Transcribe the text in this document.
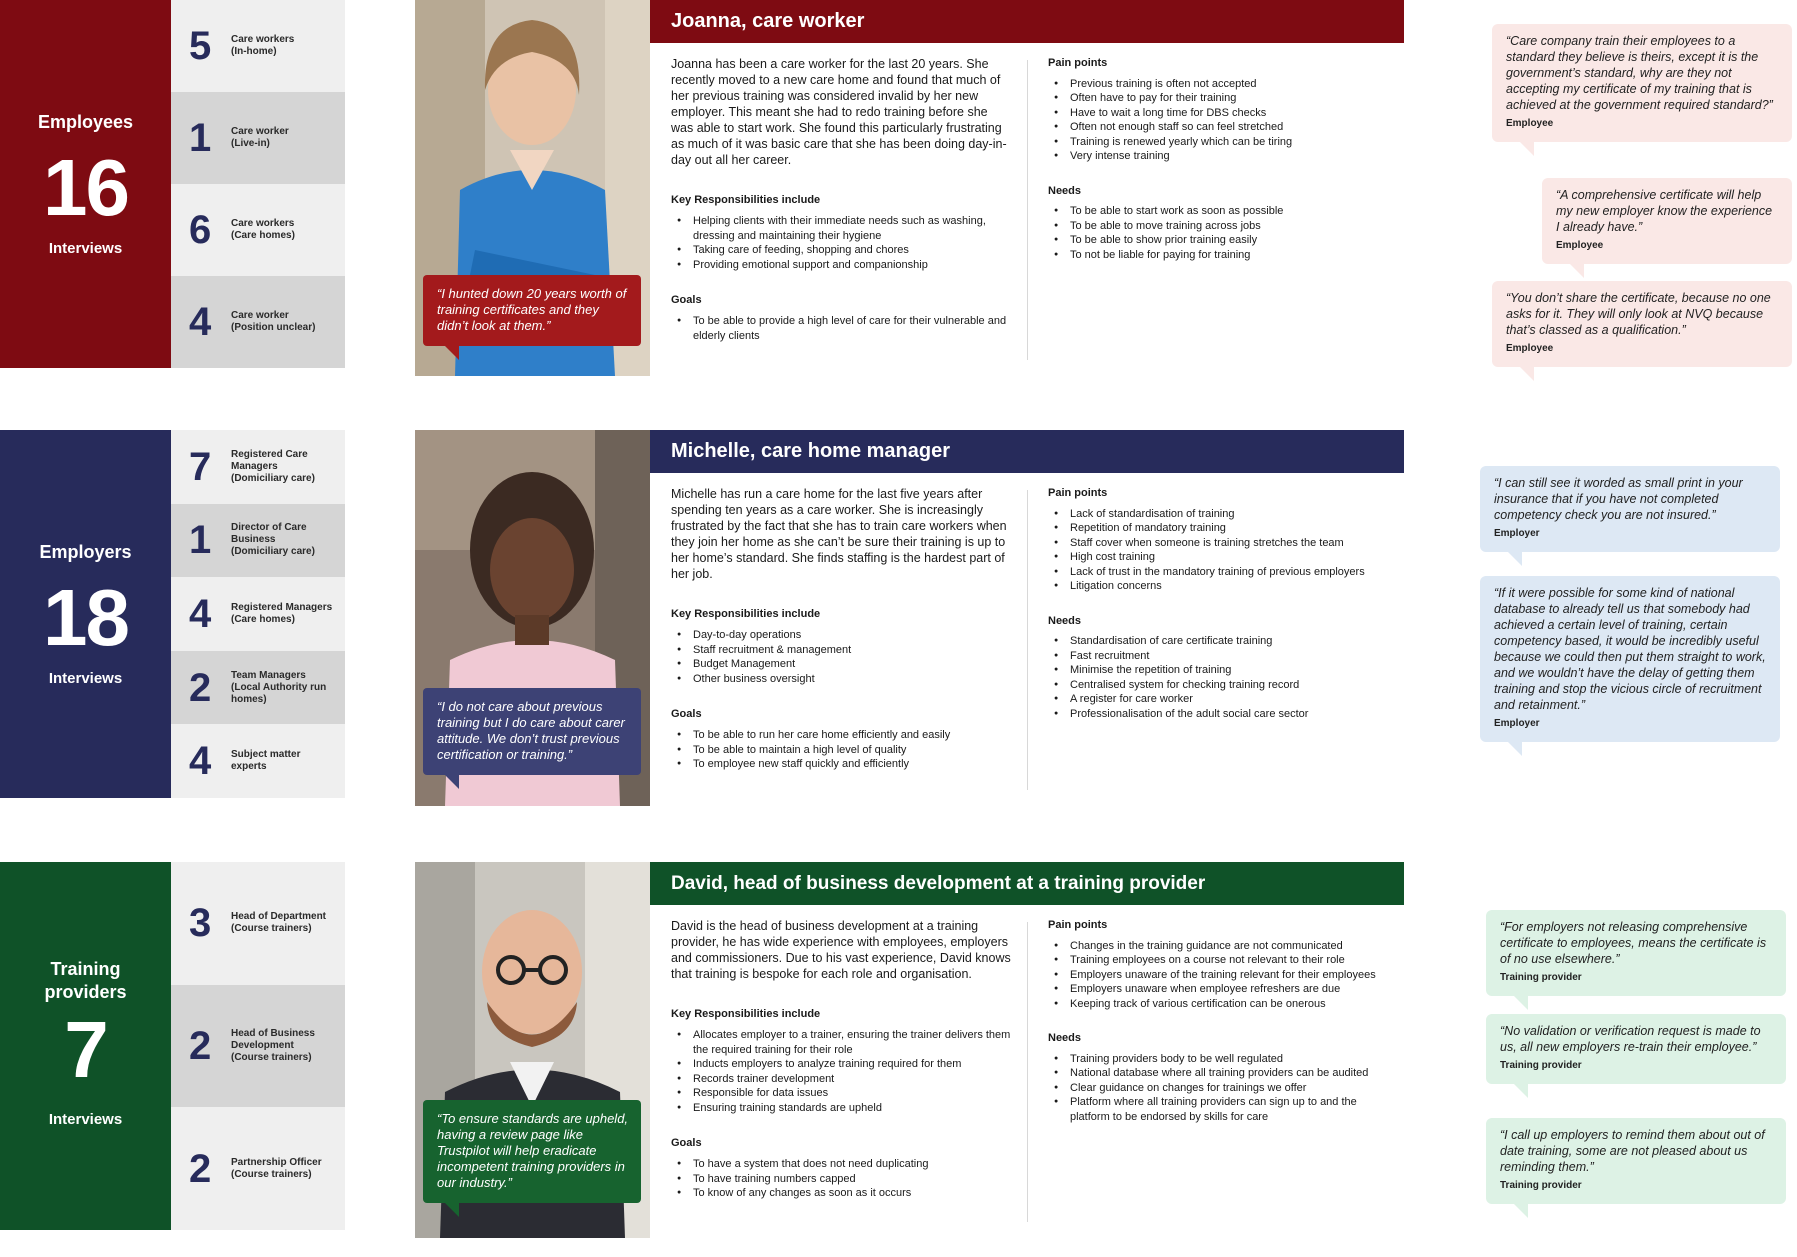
Employees
16
Interviews
5	Care workers
(In-home)
1	Care worker
(Live-in)
6	Care workers
(Care homes)
4	Care worker
(Position unclear)
“I hunted down 20 years worth of training certificates and they didn’t look at them.”
Joanna, care worker

Joanna has been a care worker for the last 20 years. She recently moved to a new care home and found that much of her previous training was considered invalid by her new employer. This meant she had to redo training before she was able to start work. She found this particularly frustrating as much of it was basic care that she has been doing day-in-day out all her career.

Key Responsibilities include
● Helping clients with their immediate needs such as washing, dressing and maintaining their hygiene
● Taking care of feeding, shopping and chores
● Providing emotional support and companionship
Goals
● To be able to provide a high level of care for their vulnerable and elderly clients
Pain points
● Previous training is often not accepted
● Often have to pay for their training
● Have to wait a long time for DBS checks
● Often not enough staff so can feel stretched
● Training is renewed yearly which can be tiring
● Very intense training
Needs
● To be able to start work as soon as possible
● To be able to move training across jobs
● To be able to show prior training easily
● To not be liable for paying for training
“Care company train their employees to a standard they believe is theirs, except it is the government’s standard, why are they not accepting my certificate of my training that is achieved at the government required standard?”
Employee
“A comprehensive certificate will help my new employer know the experience I already have.”
Employee
“You don’t share the certificate, because no one asks for it. They will only look at NVQ because that’s classed as a qualification.”
Employee
Employers
18
Interviews
7	Registered Care
Managers
(Domiciliary care)
1	Director of Care
Business
(Domiciliary care)
4	Registered Managers
(Care homes)
2	Team Managers
(Local Authority run
homes)
4	Subject matter
experts
“I do not care about previous training but I do care about carer attitude. We don’t trust previous certification or training.”
Michelle, care home manager

Michelle has run a care home for the last five years after spending ten years as a care worker. She is increasingly frustrated by the fact that she has to train care workers when they join her home as she can’t be sure their training is up to her home’s standard. She finds staffing is the hardest part of her job.

Key Responsibilities include
● Day-to-day operations
● Staff recruitment & management
● Budget Management
● Other business oversight
Goals
● To be able to run her care home efficiently and easily
● To be able to maintain a high level of quality
● To employee new staff quickly and efficiently
Pain points
● Lack of standardisation of training
● Repetition of mandatory training
● Staff cover when someone is training stretches the team
● High cost training
● Lack of trust in the mandatory training of previous employers
● Litigation concerns
Needs
● Standardisation of care certificate training
● Fast recruitment
● Minimise the repetition of training
● Centralised system for checking training record
● A register for care worker
● Professionalisation of the adult social care sector
“I can still see it worded as small print in your insurance that if you have not completed competency check you are not insured.”
Employer
“If it were possible for some kind of national database to already tell us that somebody had achieved a certain level of training, certain competency based, it would be incredibly useful because we could then put them straight to work, and we wouldn’t have the delay of getting them training and stop the vicious circle of recruitment and retainment.”
Employer
Training
providers
7
Interviews
3	Head of Department
(Course trainers)
2	Head of Business
Development
(Course trainers)
2	Partnership Officer
(Course trainers)
“To ensure standards are upheld, having a review page like Trustpilot will help eradicate incompetent training providers in our industry.”
David, head of business development at a training provider

David is the head of business development at a training provider, he has wide experience with employees, employers and commissioners. Due to his vast experience, David knows that training is bespoke for each role and organisation.

Key Responsibilities include
● Allocates employer to a trainer, ensuring the trainer delivers them the required training for their role
● Inducts employers to analyze training required for them
● Records trainer development
● Responsible for data issues
● Ensuring training standards are upheld
Goals
● To have a system that does not need duplicating
● To have training numbers capped
● To know of any changes as soon as it occurs
Pain points
● Changes in the training guidance are not communicated
● Training employees on a course not relevant to their role
● Employers unaware of the training relevant for their employees
● Employers unaware when employee refreshers are due
● Keeping track of various certification can be onerous
Needs
● Training providers body to be well regulated
● National database where all training providers can be audited
● Clear guidance on changes for trainings we offer
● Platform where all training providers can sign up to and the platform to be endorsed by skills for care
“For employers not releasing comprehensive certificate to employees, means the certificate is of no use elsewhere.”
Training provider
“No validation or verification request is made to us, all new employers re-train their employee.”
Training provider
“I call up employers to remind them about out of date training, some are not pleased about us reminding them.”
Training provider
